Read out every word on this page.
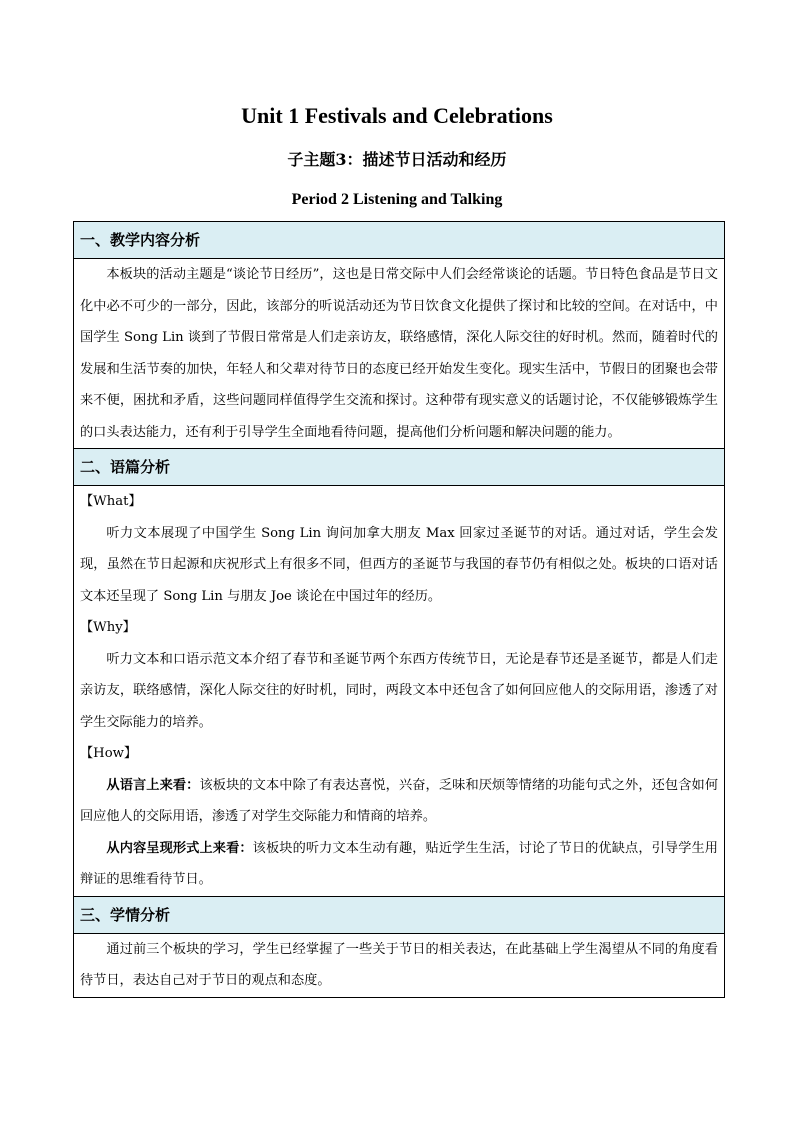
Unit 1 Festivals and Celebrations
子主题3：描述节日活动和经历
Period 2 Listening and Talking
一、教学内容分析

本板块的活动主题是“谈论节日经历”，这也是日常交际中人们会经常谈论的话题。节日特色食品是节日文化中必不可少的一部分，因此，该部分的听说活动还为节日饮食文化提供了探讨和比较的空间。在对话中，中国学生 Song Lin 谈到了节假日常常是人们走亲访友，联络感情，深化人际交往的好时机。然而，随着时代的发展和生活节奏的加快，年轻人和父辈对待节日的态度已经开始发生变化。现实生活中，节假日的团聚也会带来不便，困扰和矛盾，这些问题同样值得学生交流和探讨。这种带有现实意义的话题讨论，不仅能够锻炼学生的口头表达能力，还有利于引导学生全面地看待问题，提高他们分析问题和解决问题的能力。

二、语篇分析

【What】

听力文本展现了中国学生 Song Lin 询问加拿大朋友 Max 回家过圣诞节的对话。通过对话，学生会发现，虽然在节日起源和庆祝形式上有很多不同，但西方的圣诞节与我国的春节仍有相似之处。板块的口语对话文本还呈现了 Song Lin 与朋友 Joe 谈论在中国过年的经历。

【Why】

听力文本和口语示范文本介绍了春节和圣诞节两个东西方传统节日，无论是春节还是圣诞节，都是人们走亲访友，联络感情，深化人际交往的好时机，同时，两段文本中还包含了如何回应他人的交际用语，渗透了对学生交际能力的培养。

【How】

从语言上来看：该板块的文本中除了有表达喜悦，兴奋，乏味和厌烦等情绪的功能句式之外，还包含如何回应他人的交际用语，渗透了对学生交际能力和情商的培养。

从内容呈现形式上来看：该板块的听力文本生动有趣，贴近学生生活，讨论了节日的优缺点，引导学生用辩证的思维看待节日。

三、学情分析

通过前三个板块的学习，学生已经掌握了一些关于节日的相关表达，在此基础上学生渴望从不同的角度看待节日，表达自己对于节日的观点和态度。
